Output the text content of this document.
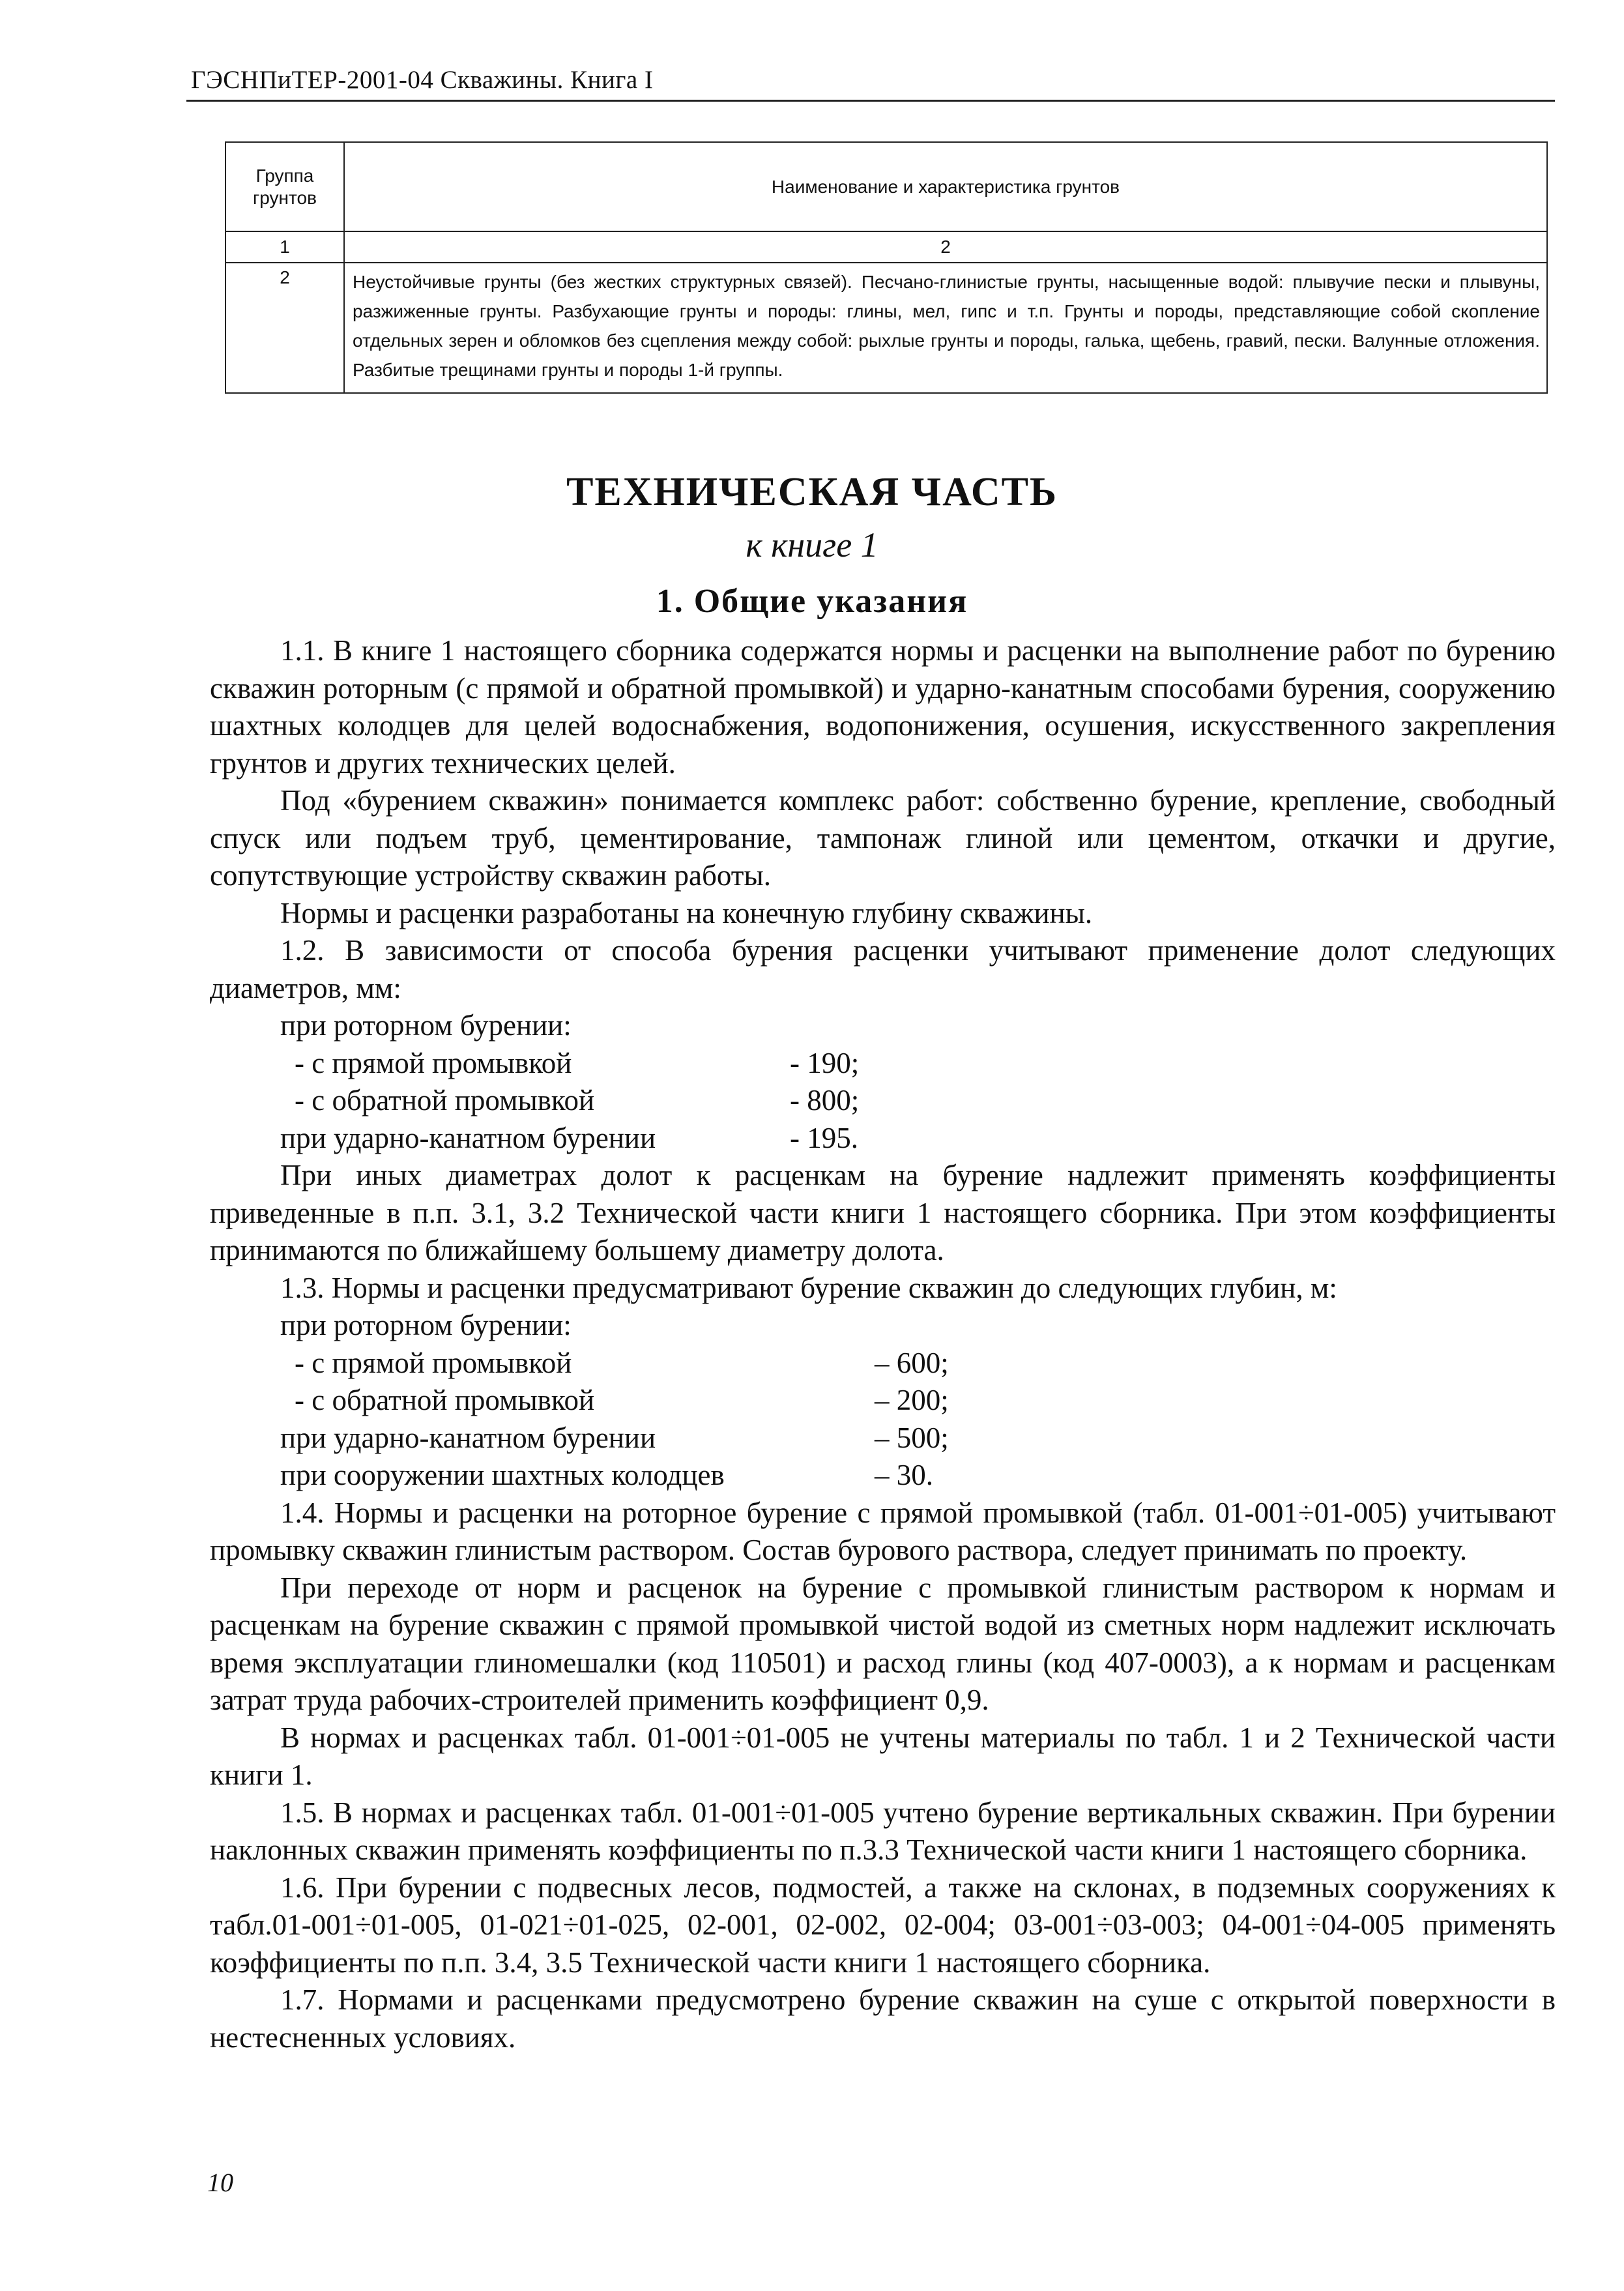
ГЭСНПиТЕР-2001-04 Скважины. Книга I
Группа грунтов	Наименование и характеристика грунтов
1	2
2	Неустойчивые грунты (без жестких структурных связей). Песчано-глинистые грунты, насыщенные водой: плывучие пески и плывуны, разжиженные грунты. Разбухающие грунты и породы: глины, мел, гипс и т.п. Грунты и породы, представляющие собой скопление отдельных зерен и обломков без сцепления между собой: рыхлые грунты и породы, галька, щебень, гравий, пески. Валунные отложения. Разбитые трещинами грунты и породы 1-й группы.
ТЕХНИЧЕСКАЯ ЧАСТЬ
к книге 1
1. Общие указания

1.1. В книге 1 настоящего сборника содержатся нормы и расценки на выполнение работ по бурению скважин роторным (с прямой и обратной промывкой) и ударно-канатным способами бурения, сооружению шахтных колодцев для целей водоснабжения, водопонижения, осушения, искусственного закрепления грунтов и других технических целей.

Под «бурением скважин» понимается комплекс работ: собственно бурение, крепление, свободный спуск или подъем труб, цементирование, тампонаж глиной или цементом, откачки и другие, сопутствующие устройству скважин работы.

Нормы и расценки разработаны на конечную глубину скважины.

1.2. В зависимости от способа бурения расценки учитывают применение долот следующих диаметров, мм:

при роторном бурении:
- с прямой промывкой	- 190;
- с обратной промывкой	- 800;
при ударно-канатном бурении	- 195.

При иных диаметрах долот к расценкам на бурение надлежит применять коэффициенты приведенные в п.п. 3.1, 3.2 Технической части книги 1 настоящего сборника. При этом коэффициенты принимаются по ближайшему большему диаметру долота.

1.3. Нормы и расценки предусматривают бурение скважин до следующих глубин, м:

при роторном бурении:
- с прямой промывкой	– 600;
- с обратной промывкой	– 200;
при ударно-канатном бурении	– 500;
при сооружении шахтных колодцев	– 30.

1.4. Нормы и расценки на роторное бурение с прямой промывкой (табл. 01-001÷01-005) учитывают промывку скважин глинистым раствором. Состав бурового раствора, следует принимать по проекту.

При переходе от норм и расценок на бурение с промывкой глинистым раствором к нормам и расценкам на бурение скважин с прямой промывкой чистой водой из сметных норм надлежит исключать время эксплуатации глиномешалки (код 110501) и расход глины (код 407-0003), а к нормам и расценкам затрат труда рабочих-строителей применить коэффициент 0,9.

В нормах и расценках табл. 01-001÷01-005 не учтены материалы по табл. 1 и 2 Технической части книги 1.

1.5. В нормах и расценках табл. 01-001÷01-005 учтено бурение вертикальных скважин. При бурении наклонных скважин применять коэффициенты по п.3.3 Технической части книги 1 настоящего сборника.

1.6. При бурении с подвесных лесов, подмостей, а также на склонах, в подземных сооружениях к табл.01-001÷01-005, 01-021÷01-025, 02-001, 02-002, 02-004; 03-001÷03-003; 04-001÷04-005 применять коэффициенты по п.п. 3.4, 3.5 Технической части книги 1 настоящего сборника.

1.7. Нормами и расценками предусмотрено бурение скважин на суше с открытой поверхности в нестесненных условиях.

10
